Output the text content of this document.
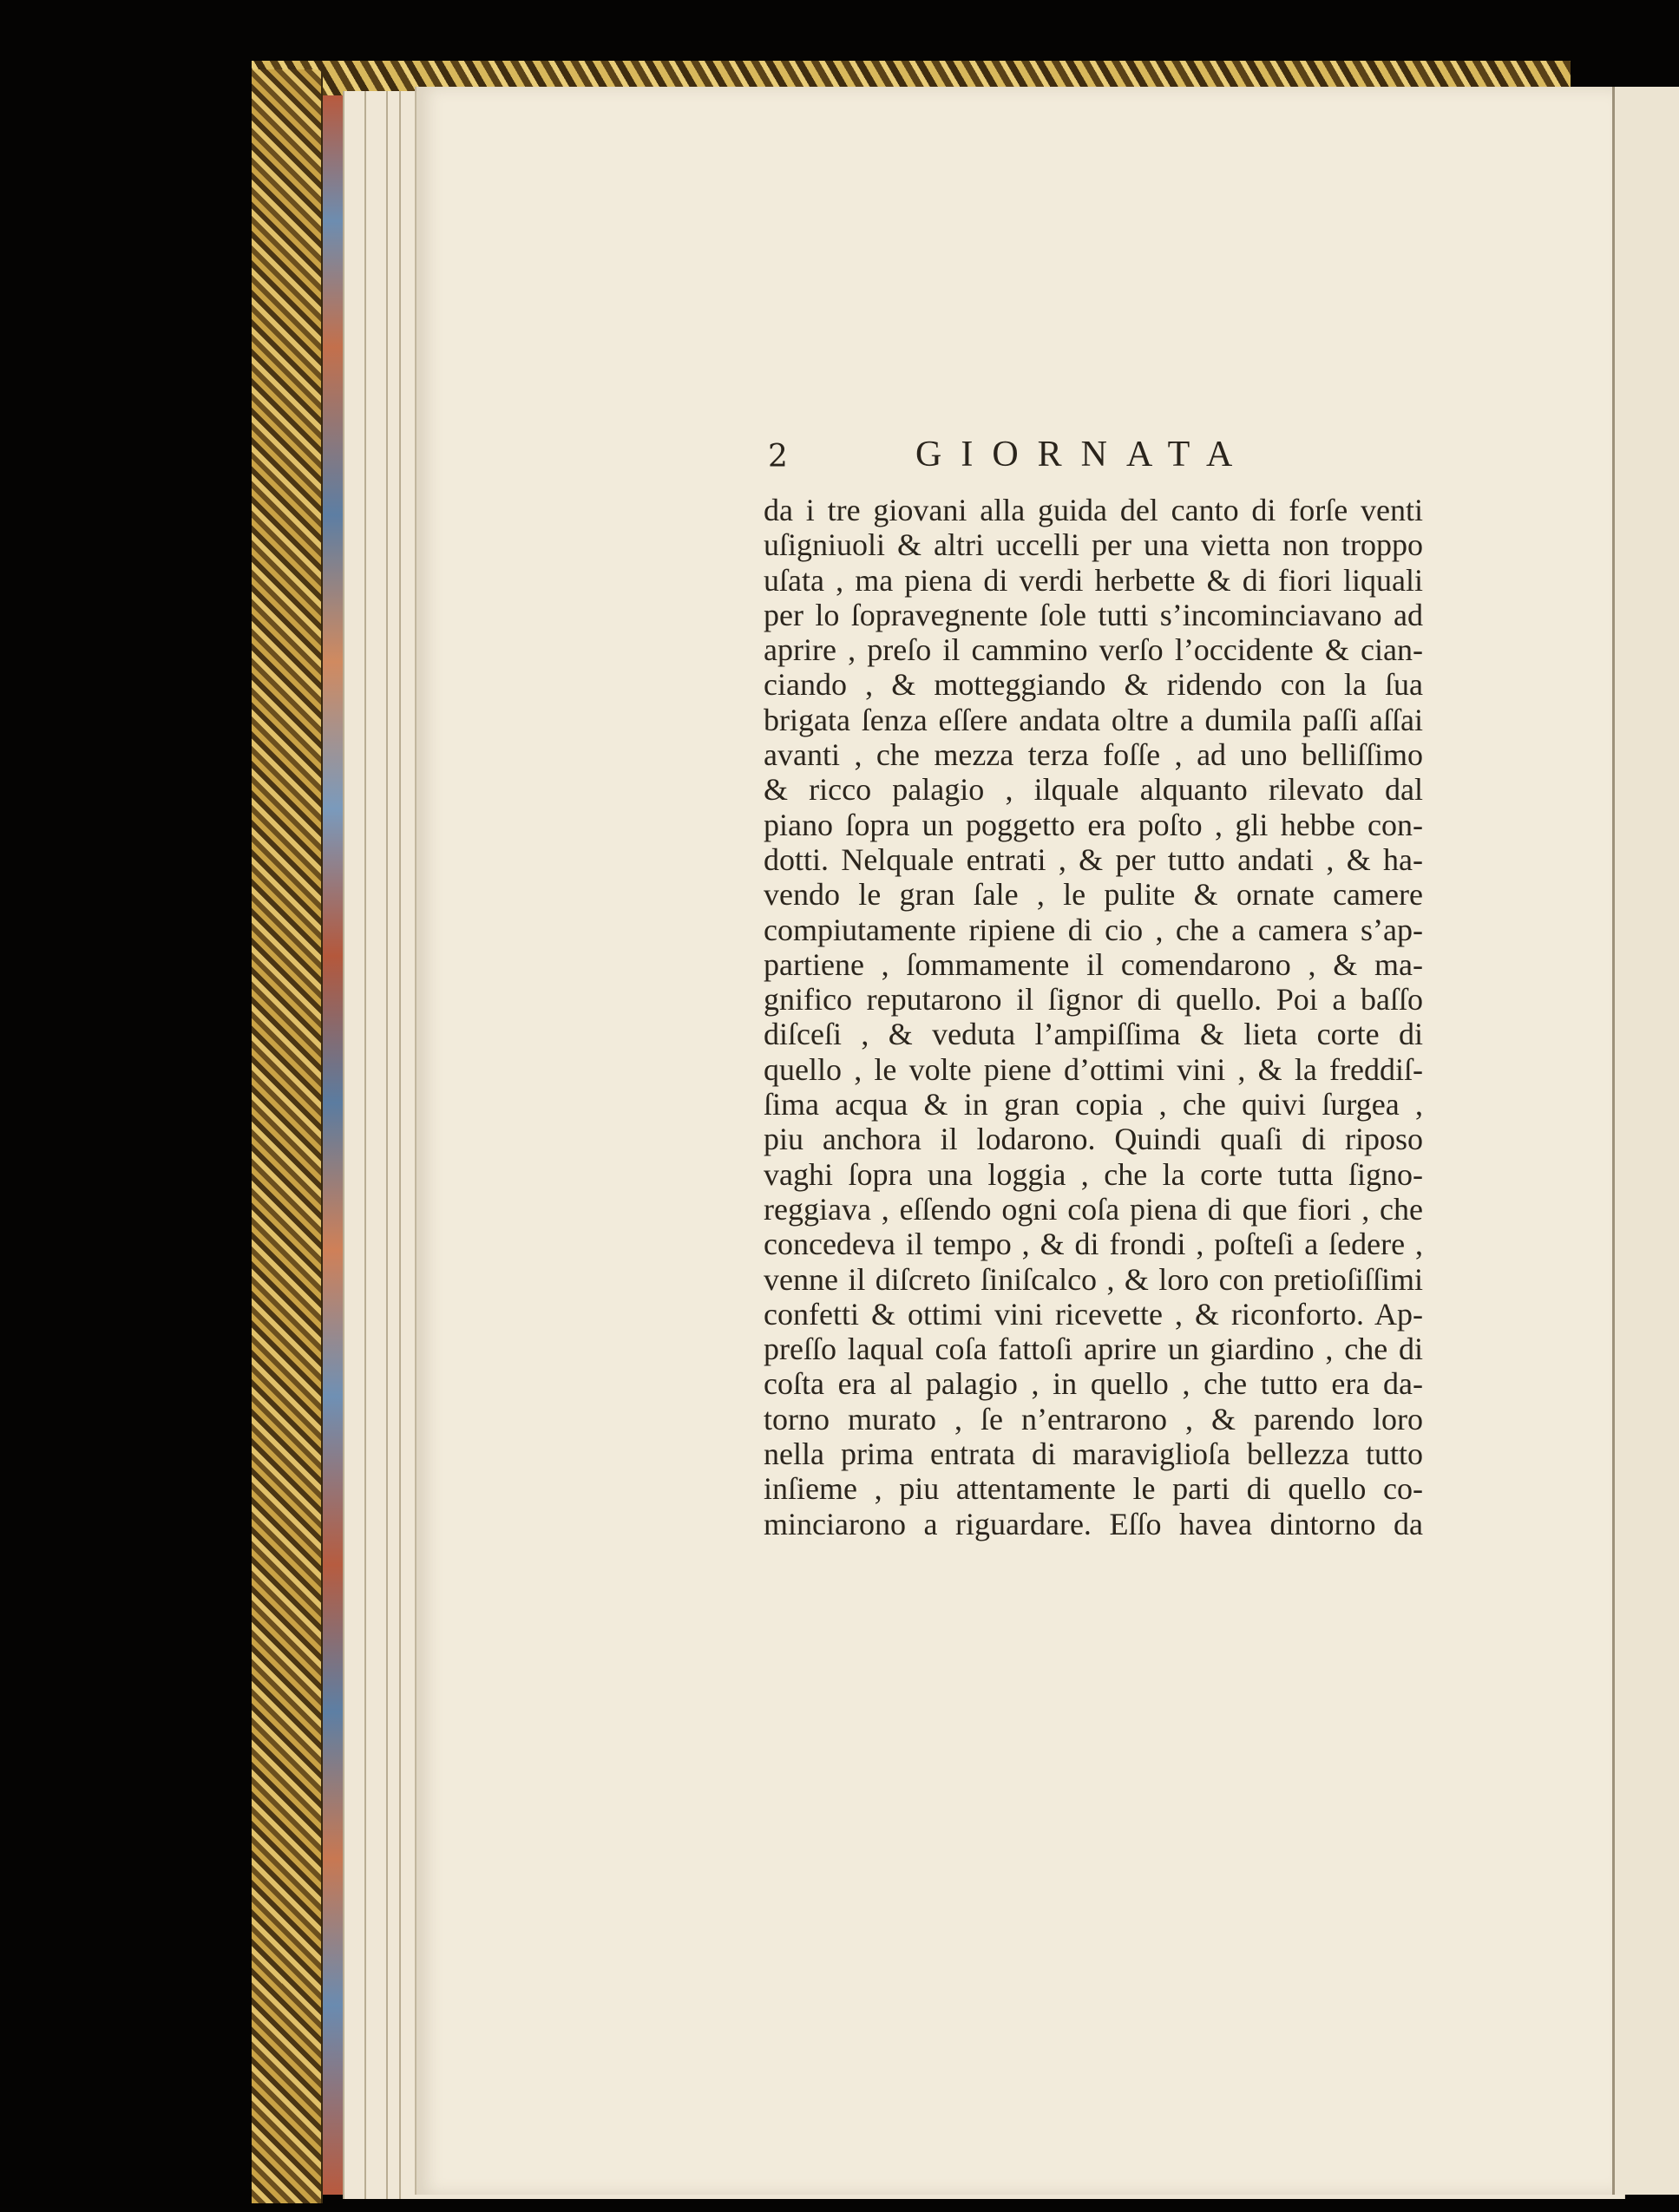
2	GIORNATA
da i tre giovani alla guida del canto di forſe venti
uſigniuoli & altri uccelli per una vietta non troppo
uſata , ma piena di verdi herbette & di fiori liquali
per lo ſopravegnente ſole tutti s’incominciavano ad
aprire , preſo il cammino verſo l’occidente & cian-
ciando , & motteggiando & ridendo con la ſua
brigata ſenza eſſere andata oltre a dumila paſſi aſſai
avanti , che mezza terza foſſe , ad uno belliſſimo
& ricco palagio , ilquale alquanto rilevato dal
piano ſopra un poggetto era poſto , gli hebbe con-
dotti. Nelquale entrati , & per tutto andati , & ha-
vendo le gran ſale , le pulite & ornate camere
compiutamente ripiene di cio , che a camera s’ap-
partiene , ſommamente il comendarono , & ma-
gnifico reputarono il ſignor di quello. Poi a baſſo
diſceſi , & veduta l’ampiſſima & lieta corte di
quello , le volte piene d’ottimi vini , & la freddiſ-
ſima acqua & in gran copia , che quivi ſurgea ,
piu anchora il lodarono. Quindi quaſi di riposo
vaghi ſopra una loggia , che la corte tutta ſigno-
reggiava , eſſendo ogni coſa piena di que fiori , che
concedeva il tempo , & di frondi , poſteſi a ſedere ,
venne il diſcreto ſiniſcalco , & loro con pretioſiſſimi
confetti & ottimi vini ricevette , & riconforto. Ap-
preſſo laqual coſa fattoſi aprire un giardino , che di
coſta era al palagio , in quello , che tutto era da-
torno murato , ſe n’entrarono , & parendo loro
nella prima entrata di maraviglioſa bellezza tutto
inſieme , piu attentamente le parti di quello co-
minciarono a riguardare. Eſſo havea dintorno da
